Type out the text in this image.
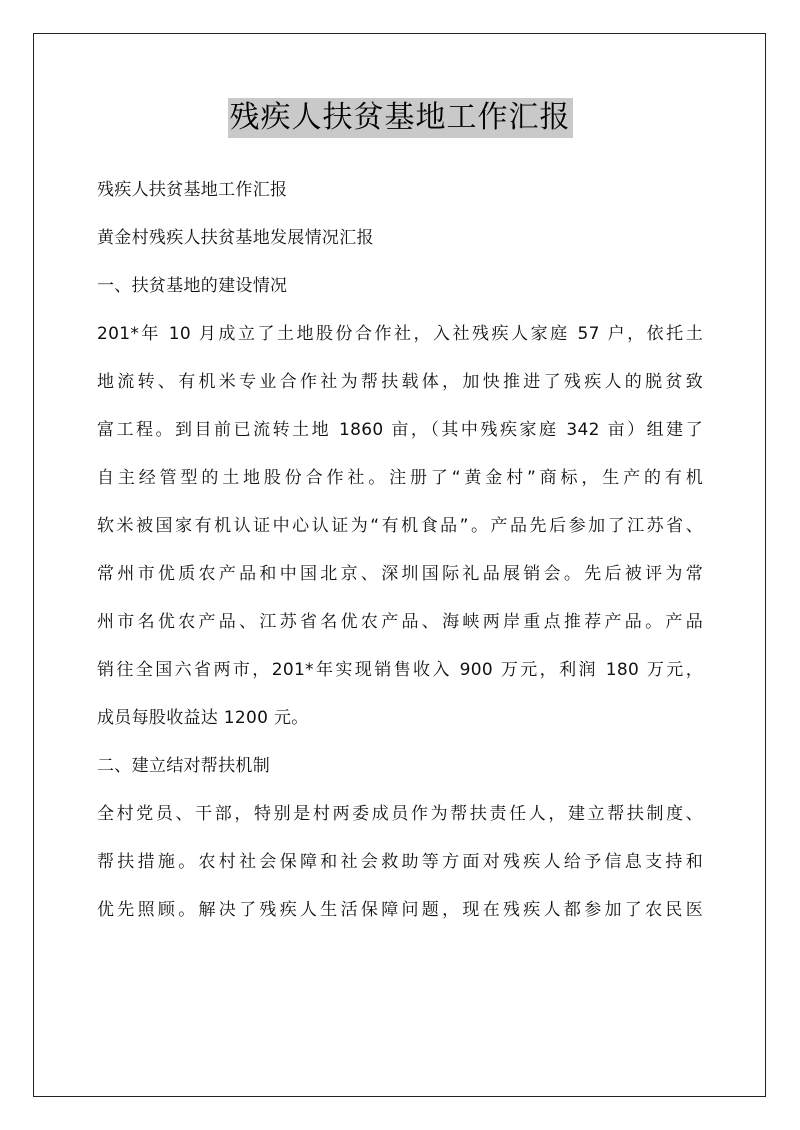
残疾人扶贫基地工作汇报
残疾人扶贫基地工作汇报
黄金村残疾人扶贫基地发展情况汇报
一、扶贫基地的建设情况
201*年 10 月成立了土地股份合作社，入社残疾人家庭 57 户，依托土
地流转、有机米专业合作社为帮扶载体，加快推进了残疾人的脱贫致
富工程。到目前已流转土地 1860 亩，（其中残疾家庭 342 亩）组建了
自主经管型的土地股份合作社。注册了“黄金村”商标，生产的有机
软米被国家有机认证中心认证为“有机食品”。产品先后参加了江苏省、
常州市优质农产品和中国北京、深圳国际礼品展销会。先后被评为常
州市名优农产品、江苏省名优农产品、海峡两岸重点推荐产品。产品
销往全国六省两市，201*年实现销售收入 900 万元，利润 180 万元，
成员每股收益达 1200 元。
二、建立结对帮扶机制
全村党员、干部，特别是村两委成员作为帮扶责任人，建立帮扶制度、
帮扶措施。农村社会保障和社会救助等方面对残疾人给予信息支持和
优先照顾。解决了残疾人生活保障问题，现在残疾人都参加了农民医
